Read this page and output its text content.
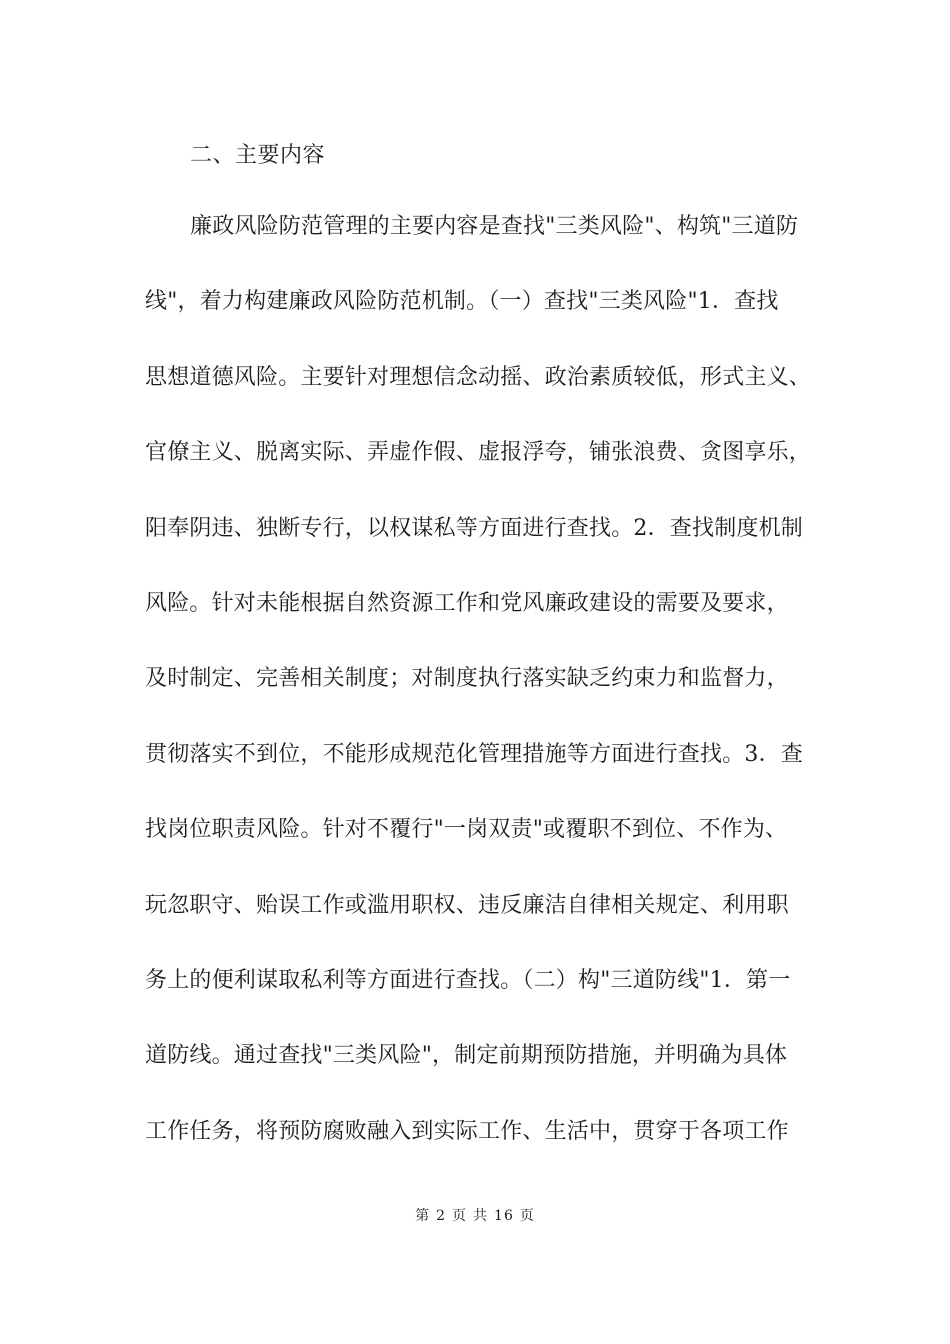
二、主要内容
廉政风险防范管理的主要内容是查找"三类风险"、构筑"三道防
线"，着力构建廉政风险防范机制。（一）查找"三类风险"1．查找
思想道德风险。主要针对理想信念动摇、政治素质较低，形式主义、
官僚主义、脱离实际、弄虚作假、虚报浮夸，铺张浪费、贪图享乐，
阳奉阴违、独断专行，以权谋私等方面进行查找。2．查找制度机制
风险。针对未能根据自然资源工作和党风廉政建设的需要及要求，
及时制定、完善相关制度；对制度执行落实缺乏约束力和监督力，
贯彻落实不到位，不能形成规范化管理措施等方面进行查找。3．查
找岗位职责风险。针对不覆行"一岗双责"或覆职不到位、不作为、
玩忽职守、贻误工作或滥用职权、违反廉洁自律相关规定、利用职
务上的便利谋取私利等方面进行查找。（二）构"三道防线"1．第一
道防线。通过查找"三类风险"，制定前期预防措施，并明确为具体
工作任务，将预防腐败融入到实际工作、生活中，贯穿于各项工作
第 2 页 共 16 页
